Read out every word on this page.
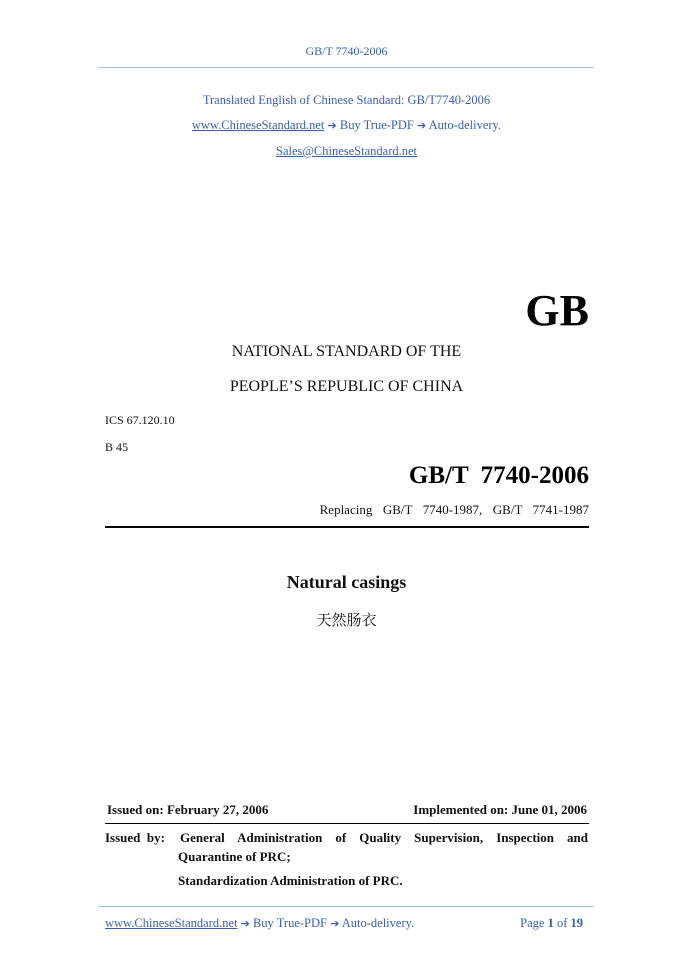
GB/T 7740-2006
Translated English of Chinese Standard: GB/T7740-2006
www.ChineseStandard.net ➔ Buy True-PDF ➔ Auto-delivery.
Sales@ChineseStandard.net
GB
NATIONAL STANDARD OF THE
PEOPLE’S REPUBLIC OF CHINA
ICS 67.120.10
B 45
GB/T  7740-2006
Replacing  GB/T  7740-1987,  GB/T  7741-1987
Natural casings
天然肠衣
Issued on: February 27, 2006	Implemented on: June 01, 2006
Issued  by: General Administration of Quality Supervision, Inspection and
Quarantine of PRC;
Standardization Administration of PRC.
www.ChineseStandard.net ➔ Buy True-PDF ➔ Auto-delivery.	Page 1 of 19
